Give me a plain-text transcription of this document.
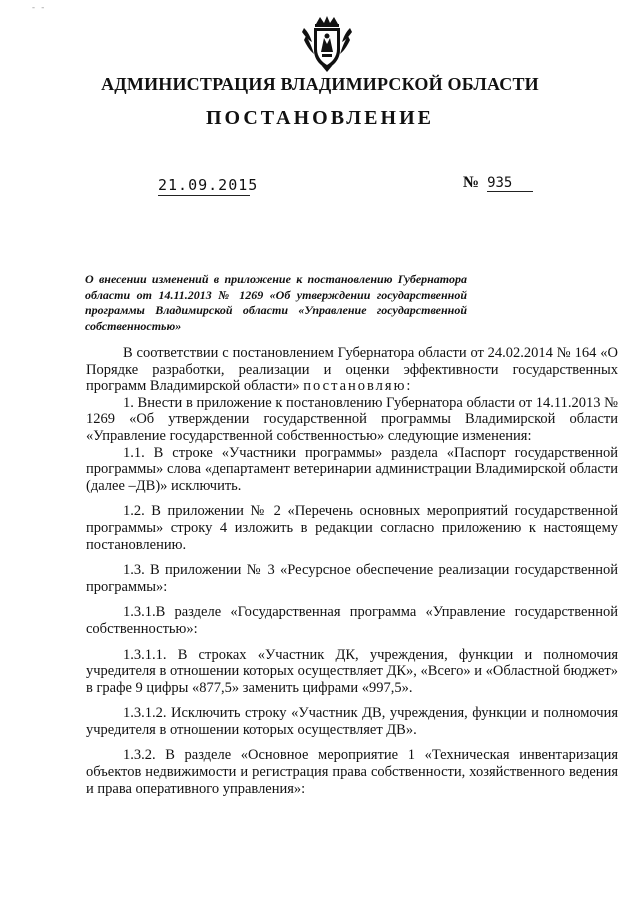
- -
АДМИНИСТРАЦИЯ ВЛАДИМИРСКОЙ ОБЛАСТИ
ПОСТАНОВЛЕНИЕ
21.09.2015	№ 935
О внесении изменений в приложение к постановлению Губернатора области от 14.11.2013 № 1269 «Об утверждении государственной программы Владимирской области «Управление государственной собственностью»

В соответствии с постановлением Губернатора области от 24.02.2014 № 164 «О Порядке разработки, реализации и оценки эффективности государственных программ Владимирской области» постановляю:

1. Внести в приложение к постановлению Губернатора области от 14.11.2013 № 1269 «Об утверждении государственной программы Владимирской области «Управление государственной собственностью» следующие изменения:

1.1. В строке «Участники программы» раздела «Паспорт государственной программы» слова «департамент ветеринарии администрации Владимирской области (далее –ДВ)» исключить.

1.2. В приложении № 2 «Перечень основных мероприятий государственной программы» строку 4 изложить в редакции согласно приложению к настоящему постановлению.

1.3. В приложении № 3 «Ресурсное обеспечение реализации государственной программы»:

1.3.1.В разделе «Государственная программа «Управление государственной собственностью»:

1.3.1.1. В строках «Участник ДК, учреждения, функции и полномочия учредителя в отношении которых осуществляет ДК», «Всего» и «Областной бюджет» в графе 9 цифры «877,5» заменить цифрами «997,5».

1.3.1.2. Исключить строку «Участник ДВ, учреждения, функции и полномочия учредителя в отношении которых осуществляет ДВ».

1.3.2. В разделе «Основное мероприятие 1 «Техническая инвентаризация объектов недвижимости и регистрация права собственности, хозяйственного ведения и права оперативного управления»:
